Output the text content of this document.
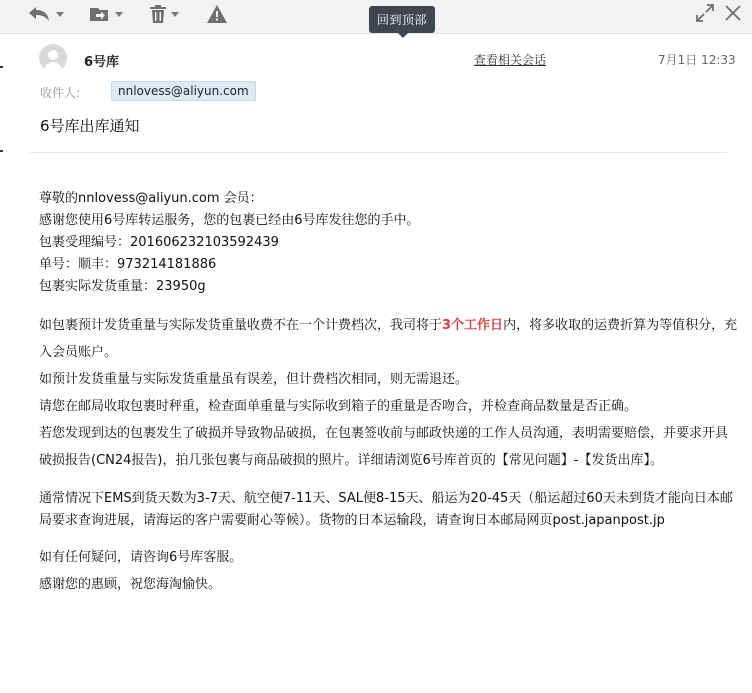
回到顶部
6号库	查看相关会话	7月1日 12:33
收件人:	nnlovess@aliyun.com
6号库出库通知
尊敬的nnlovess@aliyun.com 会员：
感谢您使用6号库转运服务，您的包裹已经由6号库发往您的手中。
包裹受理编号：201606232103592439
单号：顺丰：973214181886
包裹实际发货重量：23950g
如包裹预计发货重量与实际发货重量收费不在一个计费档次，我司将于3个工作日内，将多收取的运费折算为等值积分，充入会员账户。
如预计发货重量与实际发货重量虽有误差，但计费档次相同，则无需退还。
请您在邮局收取包裹时秤重，检查面单重量与实际收到箱子的重量是否吻合，并检查商品数量是否正确。
若您发现到达的包裹发生了破损并导致物品破损，在包裹签收前与邮政快递的工作人员沟通，表明需要赔偿，并要求开具破损报告(CN24报告)，拍几张包裹与商品破损的照片。详细请浏览6号库首页的【常见问题】-【发货出库】。
通常情况下EMS到货天数为3-7天、航空便7-11天、SAL便8-15天、船运为20-45天（船运超过60天未到货才能向日本邮局要求查询进展，请海运的客户需要耐心等候）。货物的日本运输段，请查询日本邮局网页post.japanpost.jp
如有任何疑问，请咨询6号库客服。
感谢您的惠顾，祝您海淘愉快。
